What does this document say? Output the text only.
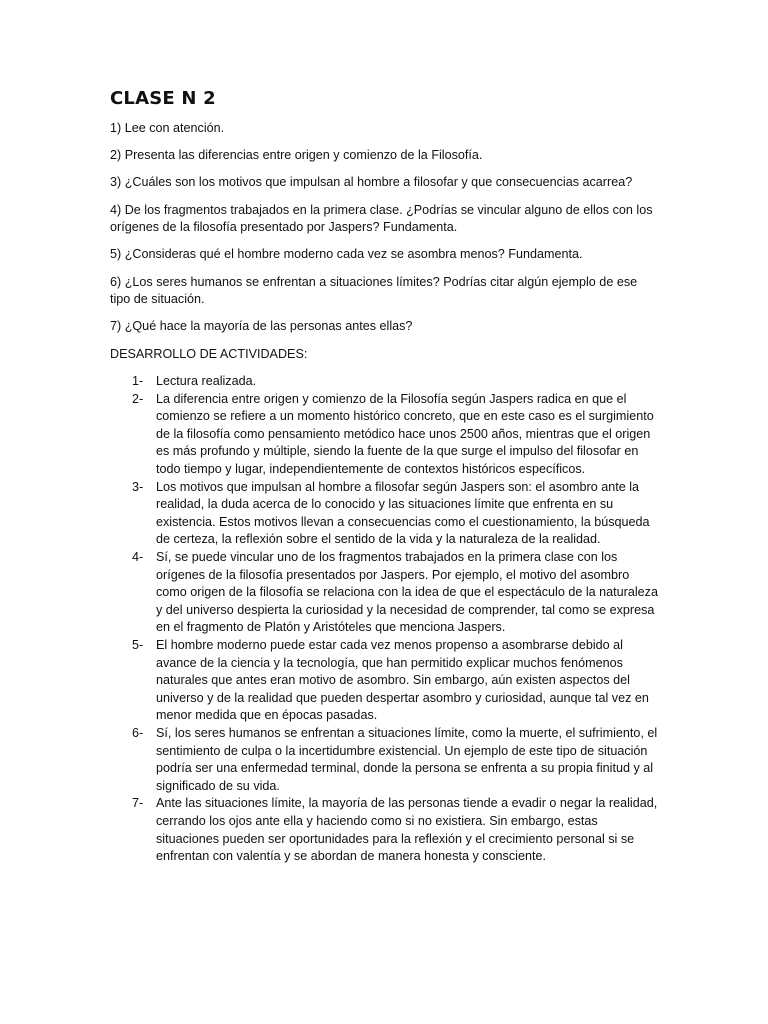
CLASE N 2

1) Lee con atención.

2) Presenta las diferencias entre origen y comienzo de la Filosofía.

3) ¿Cuáles son los motivos que impulsan al hombre a filosofar y que consecuencias acarrea?

4) De los fragmentos trabajados en la primera clase. ¿Podrías se vincular alguno de ellos con los orígenes de la filosofía presentado por Jaspers? Fundamenta.

5) ¿Consideras qué el hombre moderno cada vez se asombra menos? Fundamenta.

6) ¿Los seres humanos se enfrentan a situaciones límites? Podrías citar algún ejemplo de ese tipo de situación.

7) ¿Qué hace la mayoría de las personas antes ellas?

DESARROLLO DE ACTIVIDADES:

1- Lectura realizada.
2- La diferencia entre origen y comienzo de la Filosofía según Jaspers radica en que el comienzo se refiere a un momento histórico concreto, que en este caso es el surgimiento de la filosofía como pensamiento metódico hace unos 2500 años, mientras que el origen es más profundo y múltiple, siendo la fuente de la que surge el impulso del filosofar en todo tiempo y lugar, independientemente de contextos históricos específicos.
3- Los motivos que impulsan al hombre a filosofar según Jaspers son: el asombro ante la realidad, la duda acerca de lo conocido y las situaciones límite que enfrenta en su existencia. Estos motivos llevan a consecuencias como el cuestionamiento, la búsqueda de certeza, la reflexión sobre el sentido de la vida y la naturaleza de la realidad.
4- Sí, se puede vincular uno de los fragmentos trabajados en la primera clase con los orígenes de la filosofía presentados por Jaspers. Por ejemplo, el motivo del asombro como origen de la filosofía se relaciona con la idea de que el espectáculo de la naturaleza y del universo despierta la curiosidad y la necesidad de comprender, tal como se expresa en el fragmento de Platón y Aristóteles que menciona Jaspers.
5- El hombre moderno puede estar cada vez menos propenso a asombrarse debido al avance de la ciencia y la tecnología, que han permitido explicar muchos fenómenos naturales que antes eran motivo de asombro. Sin embargo, aún existen aspectos del universo y de la realidad que pueden despertar asombro y curiosidad, aunque tal vez en menor medida que en épocas pasadas.
6- Sí, los seres humanos se enfrentan a situaciones límite, como la muerte, el sufrimiento, el sentimiento de culpa o la incertidumbre existencial. Un ejemplo de este tipo de situación podría ser una enfermedad terminal, donde la persona se enfrenta a su propia finitud y al significado de su vida.
7- Ante las situaciones límite, la mayoría de las personas tiende a evadir o negar la realidad, cerrando los ojos ante ella y haciendo como si no existiera. Sin embargo, estas situaciones pueden ser oportunidades para la reflexión y el crecimiento personal si se enfrentan con valentía y se abordan de manera honesta y consciente.
